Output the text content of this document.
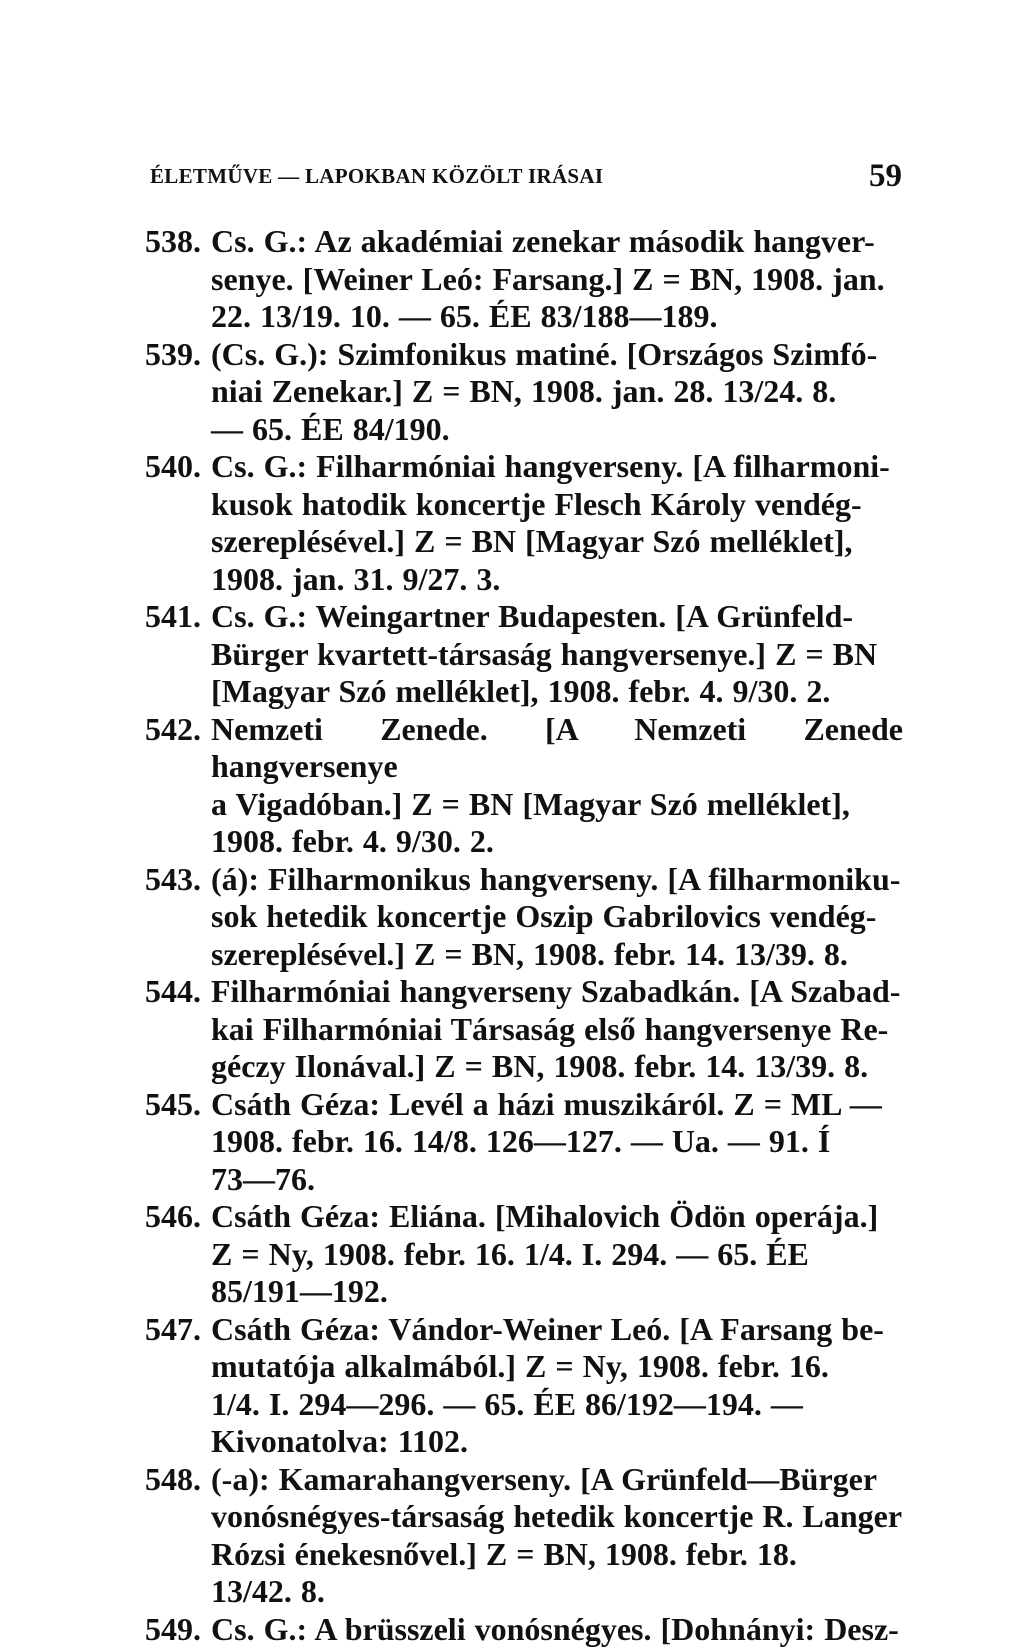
ÉLETMŰVE — LAPOKBAN KÖZÖLT IRÁSAI	59
538. Cs. G.: Az akadémiai zenekar második hangver-
senye. [Weiner Leó: Farsang.] Z = BN, 1908. jan.
22. 13/19. 10. — 65. ÉE 83/188—189.
539. (Cs. G.): Szimfonikus matiné. [Országos Szimfó-
niai Zenekar.] Z = BN, 1908. jan. 28. 13/24. 8.
— 65. ÉE 84/190.
540. Cs. G.: Filharmóniai hangverseny. [A filharmoni-
kusok hatodik koncertje Flesch Károly vendég-
szereplésével.] Z = BN [Magyar Szó melléklet],
1908. jan. 31. 9/27. 3.
541. Cs. G.: Weingartner Budapesten. [A Grünfeld-
Bürger kvartett-társaság hangversenye.] Z = BN
[Magyar Szó melléklet], 1908. febr. 4. 9/30. 2.
542. Nemzeti Zenede. [A Nemzeti Zenede hangversenye
a Vigadóban.] Z = BN [Magyar Szó melléklet],
1908. febr. 4. 9/30. 2.
543. (á): Filharmonikus hangverseny. [A filharmoniku-
sok hetedik koncertje Oszip Gabrilovics vendég-
szereplésével.] Z = BN, 1908. febr. 14. 13/39. 8.
544. Filharmóniai hangverseny Szabadkán. [A Szabad-
kai Filharmóniai Társaság első hangversenye Re-
géczy Ilonával.] Z = BN, 1908. febr. 14. 13/39. 8.
545. Csáth Géza: Levél a házi muszikáról. Z = ML —
1908. febr. 16. 14/8. 126—127. — Ua. — 91. Í
73—76.
546. Csáth Géza: Eliána. [Mihalovich Ödön operája.]
Z = Ny, 1908. febr. 16. 1/4. I. 294. — 65. ÉE
85/191—192.
547. Csáth Géza: Vándor-Weiner Leó. [A Farsang be-
mutatója alkalmából.] Z = Ny, 1908. febr. 16.
1/4. I. 294—296. — 65. ÉE 86/192—194. —
Kivonatolva: 1102.
548. (-a): Kamarahangverseny. [A Grünfeld—Bürger
vonósnégyes-társaság hetedik koncertje R. Langer
Rózsi énekesnővel.] Z = BN, 1908. febr. 18.
13/42. 8.
549. Cs. G.: A brüsszeli vonósnégyes. [Dohnányi: Desz-
